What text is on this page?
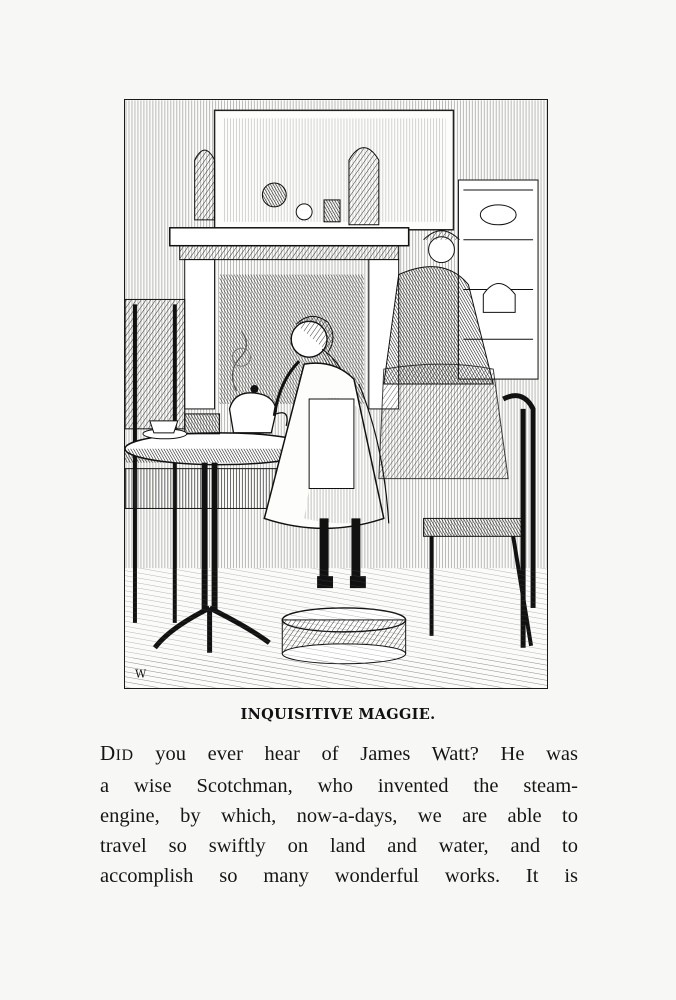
W
INQUISITIVE MAGGIE.
DID you ever hear of James Watt? He was
a wise Scotchman, who invented the steam-
engine, by which, now-a-days, we are able to
travel so swiftly on land and water, and to
accomplish so many wonderful works. It is
